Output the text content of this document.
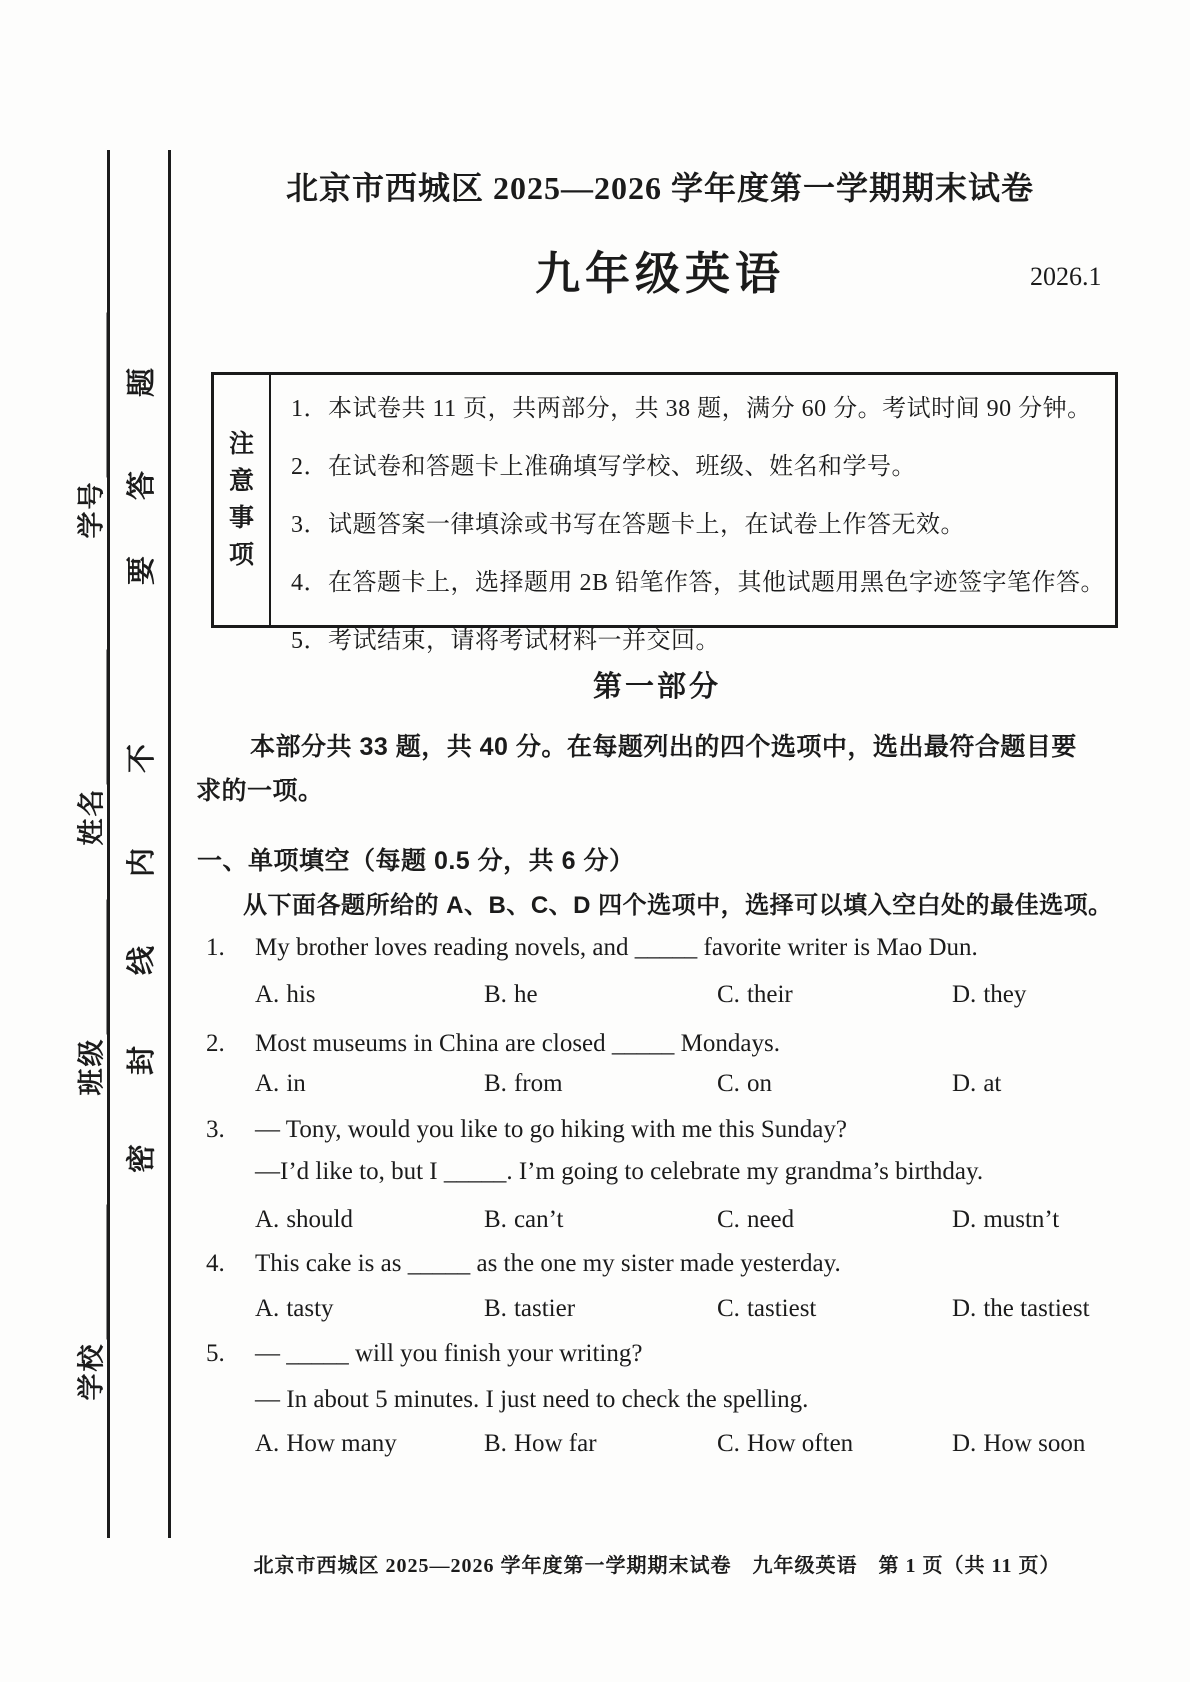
学校
班级
姓名
学号
密
封
线
内
不
要
答
题
北京市西城区 2025—2026 学年度第一学期期末试卷
九年级英语	2026.1
注
意
事
项
1．本试卷共 11 页，共两部分，共 38 题，满分 60 分。考试时间 90 分钟。
2．在试卷和答题卡上准确填写学校、班级、姓名和学号。
3．试题答案一律填涂或书写在答题卡上，在试卷上作答无效。
4．在答题卡上，选择题用 2B 铅笔作答，其他试题用黑色字迹签字笔作答。
5．考试结束，请将考试材料一并交回。
第一部分
本部分共 33 题，共 40 分。在每题列出的四个选项中，选出最符合题目要
求的一项。
一、单项填空（每题 0.5 分，共 6 分）
从下面各题所给的 A、B、C、D 四个选项中，选择可以填入空白处的最佳选项。
1. My brother loves reading novels, and _____ favorite writer is Mao Dun.
A. his	B. he	C. their	D. they
2. Most museums in China are closed _____ Mondays.
A. in	B. from	C. on	D. at
3. — Tony, would you like to go hiking with me this Sunday?
—I’d like to, but I _____. I’m going to celebrate my grandma’s birthday.
A. should	B. can’t	C. need	D. mustn’t
4. This cake is as _____ as the one my sister made yesterday.
A. tasty	B. tastier	C. tastiest	D. the tastiest
5. — _____ will you finish your writing?
— In about 5 minutes. I just need to check the spelling.
A. How many	B. How far	C. How often	D. How soon
北京市西城区 2025—2026 学年度第一学期期末试卷　九年级英语　第 1 页（共 11 页）
